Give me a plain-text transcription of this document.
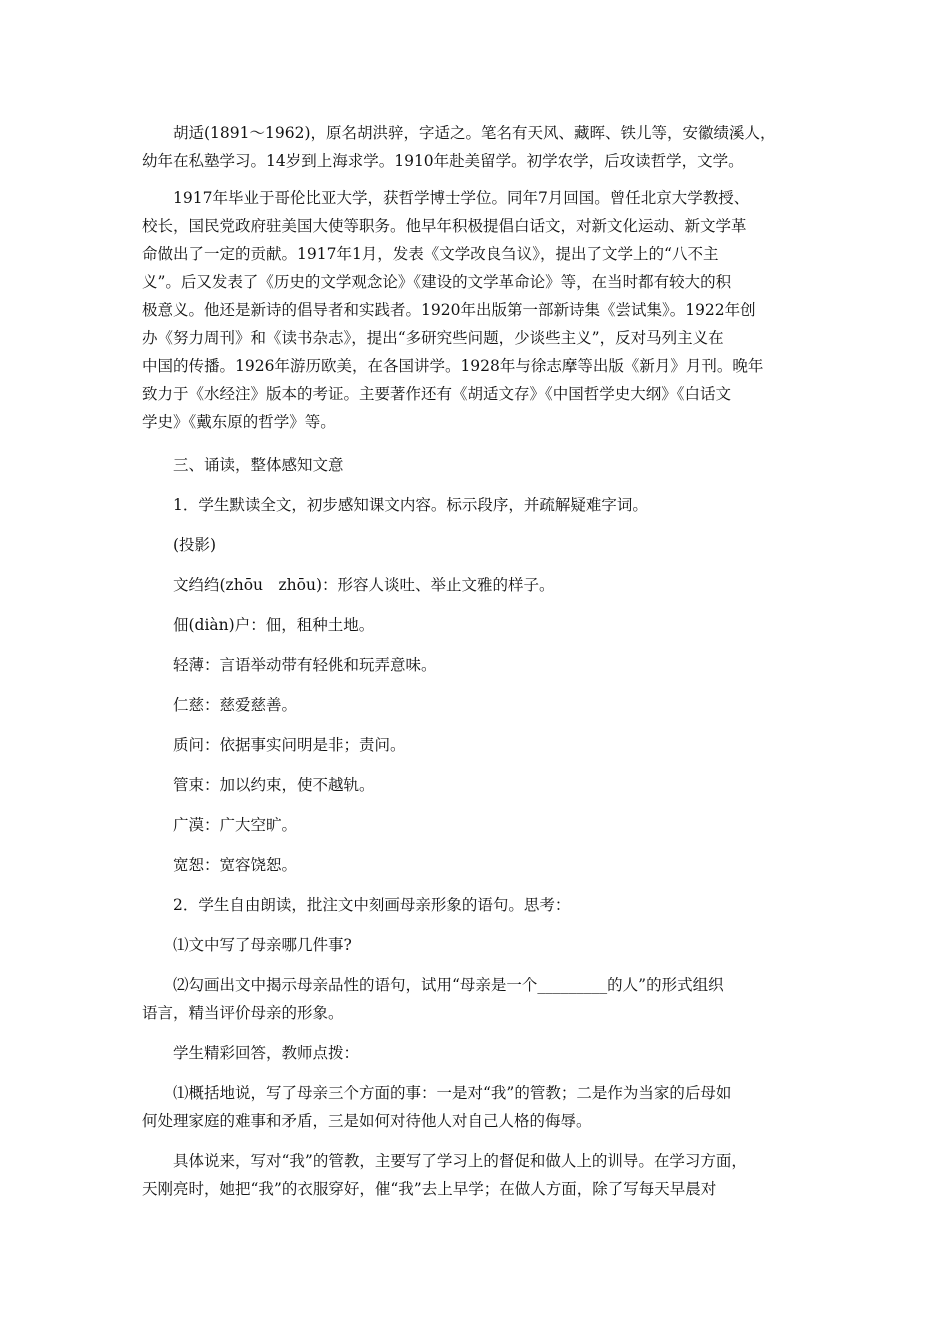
胡适(1891～1962)，原名胡洪骍，字适之。笔名有天风、藏晖、铁儿等，安徽绩溪人，
幼年在私塾学习。14岁到上海求学。1910年赴美留学。初学农学，后攻读哲学，文学。
1917年毕业于哥伦比亚大学，获哲学博士学位。同年7月回国。曾任北京大学教授、
校长，国民党政府驻美国大使等职务。他早年积极提倡白话文，对新文化运动、新文学革
命做出了一定的贡献。1917年1月，发表《文学改良刍议》，提出了文学上的“八不主
义”。后又发表了《历史的文学观念论》《建设的文学革命论》等，在当时都有较大的积
极意义。他还是新诗的倡导者和实践者。1920年出版第一部新诗集《尝试集》。1922年创
办《努力周刊》和《读书杂志》，提出“多研究些问题，少谈些主义”，反对马列主义在
中国的传播。1926年游历欧美，在各国讲学。1928年与徐志摩等出版《新月》月刊。晚年
致力于《水经注》版本的考证。主要著作还有《胡适文存》《中国哲学史大纲》《白话文
学史》《戴东原的哲学》等。
三、诵读，整体感知文意
1．学生默读全文，初步感知课文内容。标示段序，并疏解疑难字词。
(投影)
文绉绉(zhōu　zhōu)：形容人谈吐、举止文雅的样子。
佃(diàn)户：佃，租种土地。
轻薄：言语举动带有轻佻和玩弄意味。
仁慈：慈爱慈善。
质问：依据事实问明是非；责问。
管束：加以约束，使不越轨。
广漠：广大空旷。
宽恕：宽容饶恕。
2．学生自由朗读，批注文中刻画母亲形象的语句。思考：
⑴文中写了母亲哪几件事?
⑵勾画出文中揭示母亲品性的语句，试用“母亲是一个_________的人”的形式组织
语言，精当评价母亲的形象。
学生精彩回答，教师点拨：
⑴概括地说，写了母亲三个方面的事：一是对“我”的管教；二是作为当家的后母如
何处理家庭的难事和矛盾，三是如何对待他人对自己人格的侮辱。
具体说来，写对“我”的管教，主要写了学习上的督促和做人上的训导。在学习方面，
天刚亮时，她把“我”的衣服穿好，催“我”去上早学；在做人方面，除了写每天早晨对
